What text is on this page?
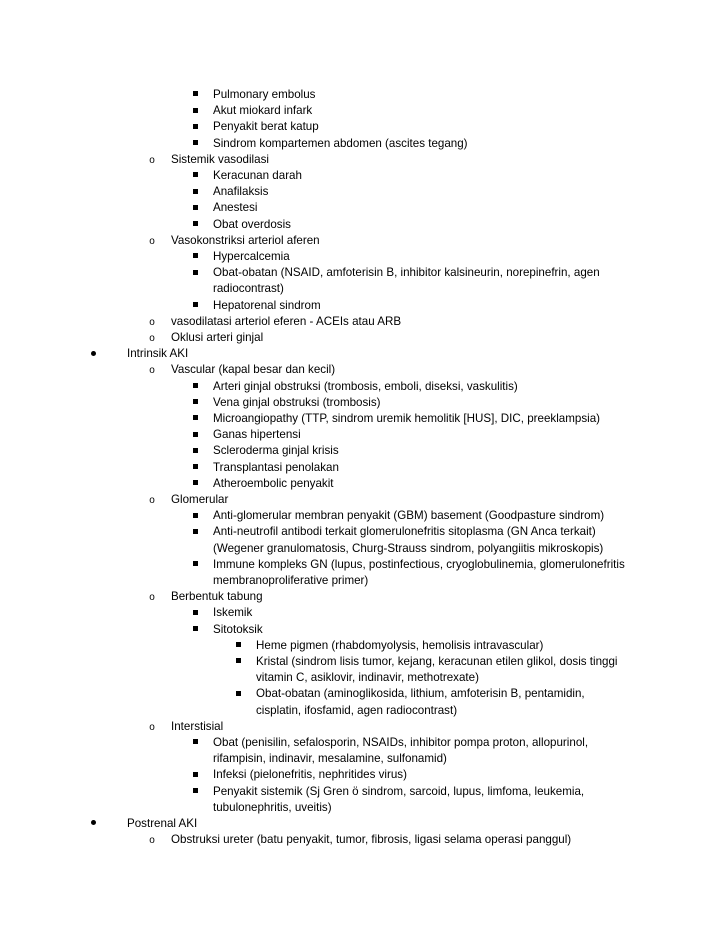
Pulmonary embolus
Akut miokard infark
Penyakit berat katup
Sindrom kompartemen abdomen (ascites tegang)
o Sistemik vasodilasi
Keracunan darah
Anafilaksis
Anestesi
Obat overdosis
o Vasokonstriksi arteriol aferen
Hypercalcemia
Obat-obatan (NSAID, amfoterisin B, inhibitor kalsineurin, norepinefrin, agen
radiocontrast)
Hepatorenal sindrom
o vasodilatasi arteriol eferen - ACEIs atau ARB
o Oklusi arteri ginjal
Intrinsik AKI
o Vascular (kapal besar dan kecil)
Arteri ginjal obstruksi (trombosis, emboli, diseksi, vaskulitis)
Vena ginjal obstruksi (trombosis)
Microangiopathy (TTP, sindrom uremik hemolitik [HUS], DIC, preeklampsia)
Ganas hipertensi
Scleroderma ginjal krisis
Transplantasi penolakan
Atheroembolic penyakit
o Glomerular
Anti-glomerular membran penyakit (GBM) basement (Goodpasture sindrom)
Anti-neutrofil antibodi terkait glomerulonefritis sitoplasma (GN Anca terkait)
(Wegener granulomatosis, Churg-Strauss sindrom, polyangiitis mikroskopis)
Immune kompleks GN (lupus, postinfectious, cryoglobulinemia, glomerulonefritis
membranoproliferative primer)
o Berbentuk tabung
Iskemik
Sitotoksik
Heme pigmen (rhabdomyolysis, hemolisis intravascular)
Kristal (sindrom lisis tumor, kejang, keracunan etilen glikol, dosis tinggi
vitamin C, asiklovir, indinavir, methotrexate)
Obat-obatan (aminoglikosida, lithium, amfoterisin B, pentamidin,
cisplatin, ifosfamid, agen radiocontrast)
o Interstisial
Obat (penisilin, sefalosporin, NSAIDs, inhibitor pompa proton, allopurinol,
rifampisin, indinavir, mesalamine, sulfonamid)
Infeksi (pielonefritis, nephritides virus)
Penyakit sistemik (Sj Gren ö sindrom, sarcoid, lupus, limfoma, leukemia,
tubulonephritis, uveitis)
Postrenal AKI
o Obstruksi ureter (batu penyakit, tumor, fibrosis, ligasi selama operasi panggul)
